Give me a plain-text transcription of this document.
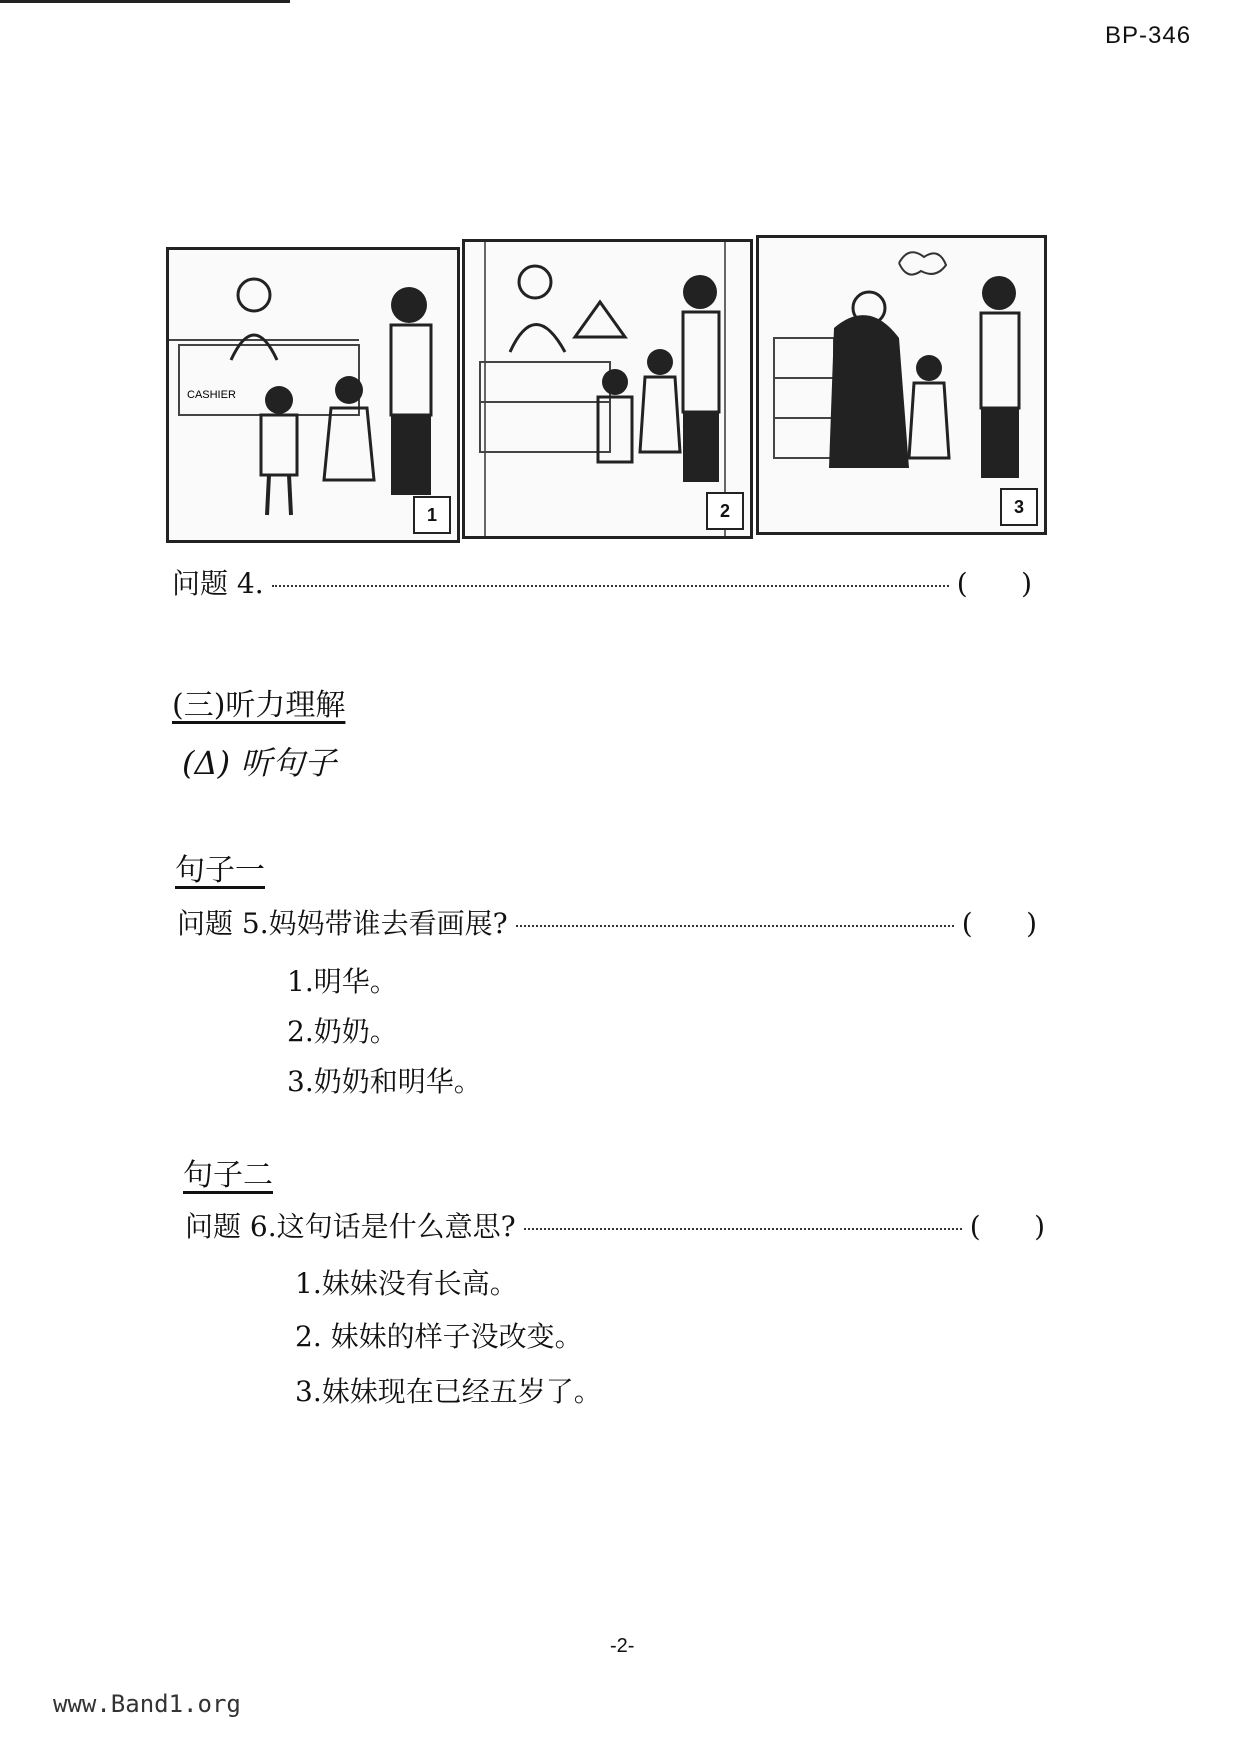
BP-346
CASHIER
1	2	3
问题 4.	(      )
(三)听力理解
(Δ) 听句子
句子一
问题 5.妈妈带谁去看画展?	(      )
1.明华。
2.奶奶。
3.奶奶和明华。
句子二
问题 6.这句话是什么意思?	(      )
1.妹妹没有长高。
2. 妹妹的样子没改变。
3.妹妹现在已经五岁了。
-2-
www.Band1.org
